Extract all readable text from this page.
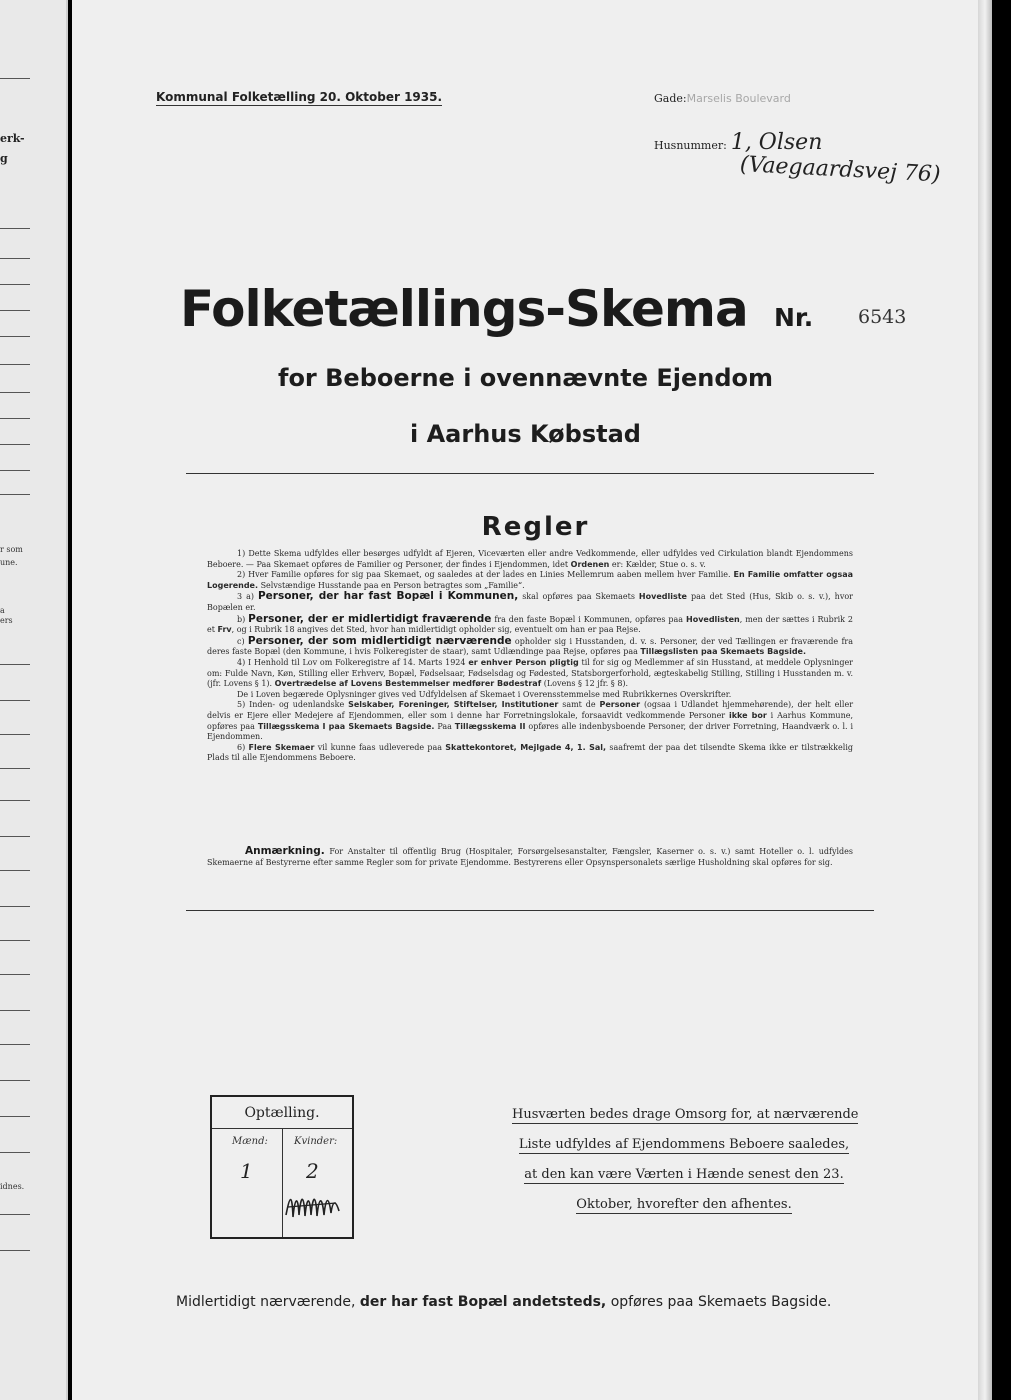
erk-
g
r som
une.
a
ers
idnes.
Kommunal Folketælling 20. Oktober 1935.	Gade:Marselis Boulevard
Husnummer: 1, Olsen
(Vaegaardsvej 76)
Folketællings-Skema Nr. 6543
for Beboerne i ovennævnte Ejendom
i Aarhus Købstad
Regler

1) Dette Skema udfyldes eller besørges udfyldt af Ejeren, Viceværten eller andre Vedkommende, eller udfyldes ved Cirkulation blandt Ejendommens Beboere. — Paa Skemaet opføres de Familier og Personer, der findes i Ejendommen, idet Ordenen er: Kælder, Stue o. s. v.

2) Hver Familie opføres for sig paa Skemaet, og saaledes at der lades en Linies Mellemrum aaben mellem hver Familie. En Familie omfatter ogsaa Logerende. Selvstændige Husstande paa en Person betragtes som „Familie“.

3 a) Personer, der har fast Bopæl i Kommunen, skal opføres paa Skemaets Hovedliste paa det Sted (Hus, Skib o. s. v.), hvor Bopælen er.

b) Personer, der er midlertidigt fraværende fra den faste Bopæl i Kommunen, opføres paa Hovedlisten, men der sættes i Rubrik 2 et Frv, og i Rubrik 18 angives det Sted, hvor han midlertidigt opholder sig, eventuelt om han er paa Rejse.

c) Personer, der som midlertidigt nærværende opholder sig i Husstanden, d. v. s. Personer, der ved Tællingen er fraværende fra deres faste Bopæl (den Kommune, i hvis Folkeregister de staar), samt Udlændinge paa Rejse, opføres paa Tillægslisten paa Skemaets Bagside.

4) I Henhold til Lov om Folkeregistre af 14. Marts 1924 er enhver Person pligtig til for sig og Medlemmer af sin Husstand, at meddele Oplysninger om: Fulde Navn, Køn, Stilling eller Erhverv, Bopæl, Fødselsaar, Fødselsdag og Fødested, Statsborgerforhold, ægteskabelig Stilling, Stilling i Husstanden m. v. (jfr. Lovens § 1). Overtrædelse af Lovens Bestemmelser medfører Bødestraf (Lovens § 12 jfr. § 8).

De i Loven begærede Oplysninger gives ved Udfyldelsen af Skemaet i Overensstemmelse med Rubrikkernes Overskrifter.

5) Inden- og udenlandske Selskaber, Foreninger, Stiftelser, Institutioner samt de Personer (ogsaa i Udlandet hjemmehørende), der helt eller delvis er Ejere eller Medejere af Ejendommen, eller som i denne har Forretningslokale, forsaavidt vedkommende Personer ikke bor i Aarhus Kommune, opføres paa Tillægsskema I paa Skemaets Bagside. Paa Tillægsskema II opføres alle indenbysboende Personer, der driver Forretning, Haandværk o. l. i Ejendommen.

6) Flere Skemaer vil kunne faas udleverede paa Skattekontoret, Mejlgade 4, 1. Sal, saafremt der paa det tilsendte Skema ikke er tilstrækkelig Plads til alle Ejendommens Beboere.

Anmærkning. For Anstalter til offentlig Brug (Hospitaler, Forsørgelsesanstalter, Fængsler, Kaserner o. s. v.) samt Hoteller o. l. udfyldes Skemaerne af Bestyrerne efter samme Regler som for private Ejendomme. Bestyrerens eller Opsynspersonalets særlige Husholdning skal opføres for sig.

Optælling.
Mænd:	Kvinder:
1	2
Husværten bedes drage Omsorg for, at nærværende
Liste udfyldes af Ejendommens Beboere saaledes,
at den kan være Værten i Hænde senest den 23.
Oktober, hvorefter den afhentes.
Midlertidigt nærværende, der har fast Bopæl andetsteds, opføres paa Skemaets Bagside.
